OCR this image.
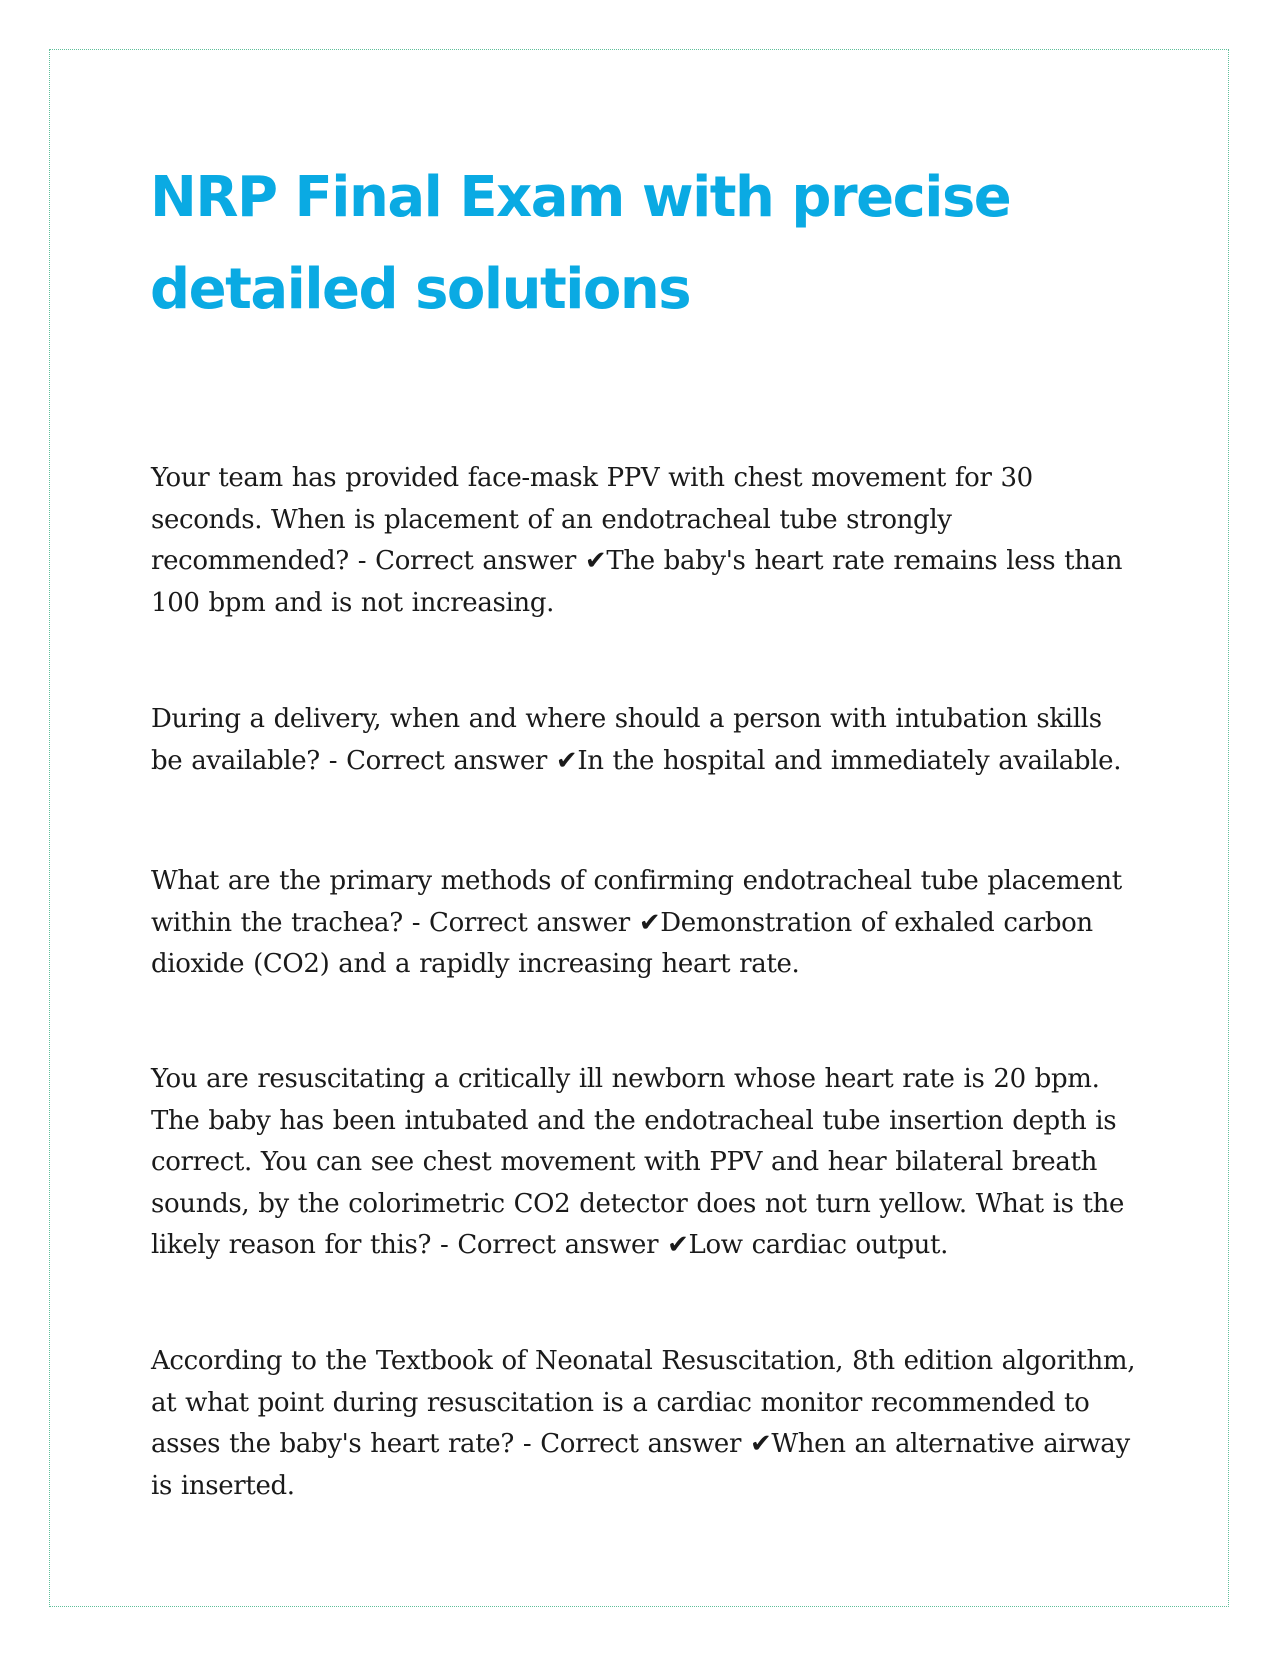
NRP Final Exam with precise detailed solutions

Your team has provided face-mask PPV with chest movement for 30 seconds. When is placement of an endotracheal tube strongly recommended? - Correct answer ✔The baby's heart rate remains less than 100 bpm and is not increasing.

During a delivery, when and where should a person with intubation skills be available? - Correct answer ✔In the hospital and immediately available.

What are the primary methods of confirming endotracheal tube placement within the trachea? - Correct answer ✔Demonstration of exhaled carbon dioxide (CO2) and a rapidly increasing heart rate.

You are resuscitating a critically ill newborn whose heart rate is 20 bpm. The baby has been intubated and the endotracheal tube insertion depth is correct. You can see chest movement with PPV and hear bilateral breath sounds, by the colorimetric CO2 detector does not turn yellow. What is the likely reason for this? - Correct answer ✔Low cardiac output.

According to the Textbook of Neonatal Resuscitation, 8th edition algorithm, at what point during resuscitation is a cardiac monitor recommended to asses the baby's heart rate? - Correct answer ✔When an alternative airway is inserted.
